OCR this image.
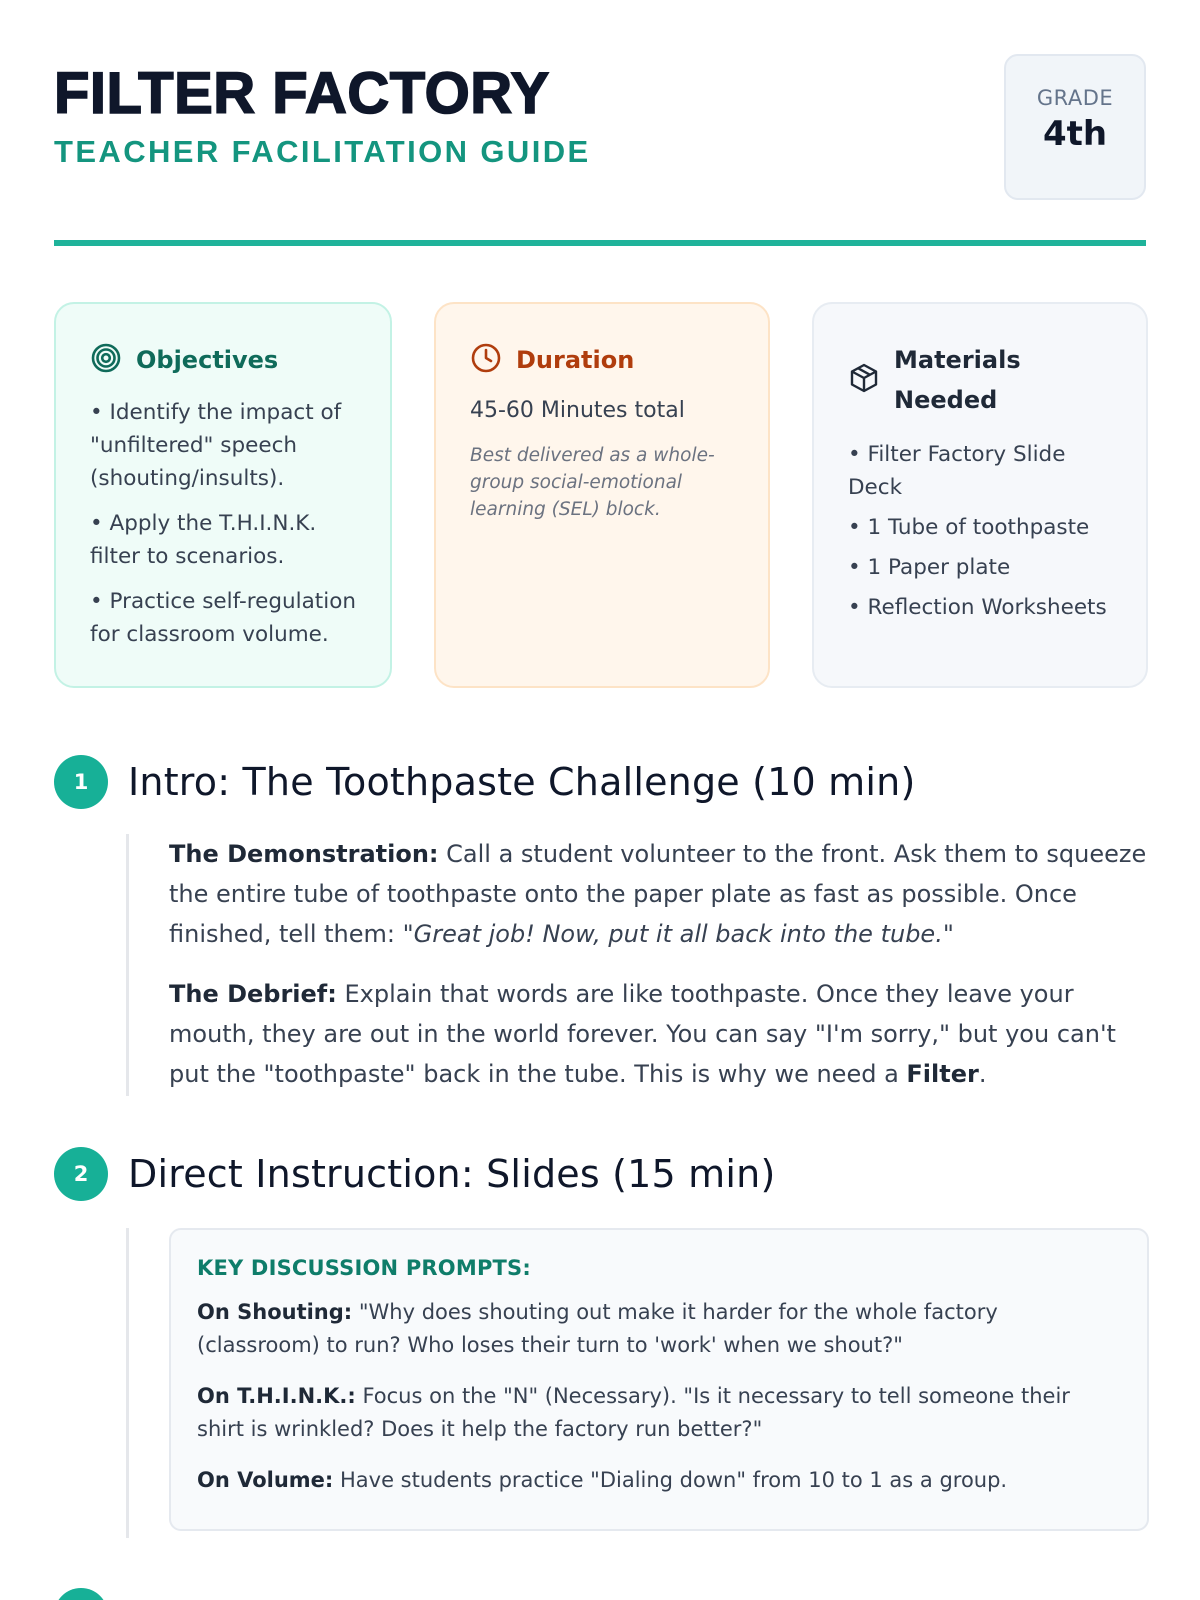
FILTER FACTORY
TEACHER FACILITATION GUIDE
GRADE
4th
Objectives
• Identify the impact of "unfiltered" speech (shouting/insults).
• Apply the T.H.I.N.K. filter to scenarios.
• Practice self-regulation for classroom volume.
Duration
45-60 Minutes total
Best delivered as a whole-group social-emotional learning (SEL) block.
Materials Needed
• Filter Factory Slide Deck
• 1 Tube of toothpaste
• 1 Paper plate
• Reflection Worksheets
1	Intro: The Toothpaste Challenge (10 min)

The Demonstration: Call a student volunteer to the front. Ask them to squeeze the entire tube of toothpaste onto the paper plate as fast as possible. Once finished, tell them: "Great job! Now, put it all back into the tube."

The Debrief: Explain that words are like toothpaste. Once they leave your mouth, they are out in the world forever. You can say "I'm sorry," but you can't put the "toothpaste" back in the tube. This is why we need a Filter.

2	Direct Instruction: Slides (15 min)
KEY DISCUSSION PROMPTS:

On Shouting: "Why does shouting out make it harder for the whole factory (classroom) to run? Who loses their turn to 'work' when we shout?"

On T.H.I.N.K.: Focus on the "N" (Necessary). "Is it necessary to tell someone their shirt is wrinkled? Does it help the factory run better?"

On Volume: Have students practice "Dialing down" from 10 to 1 as a group.
